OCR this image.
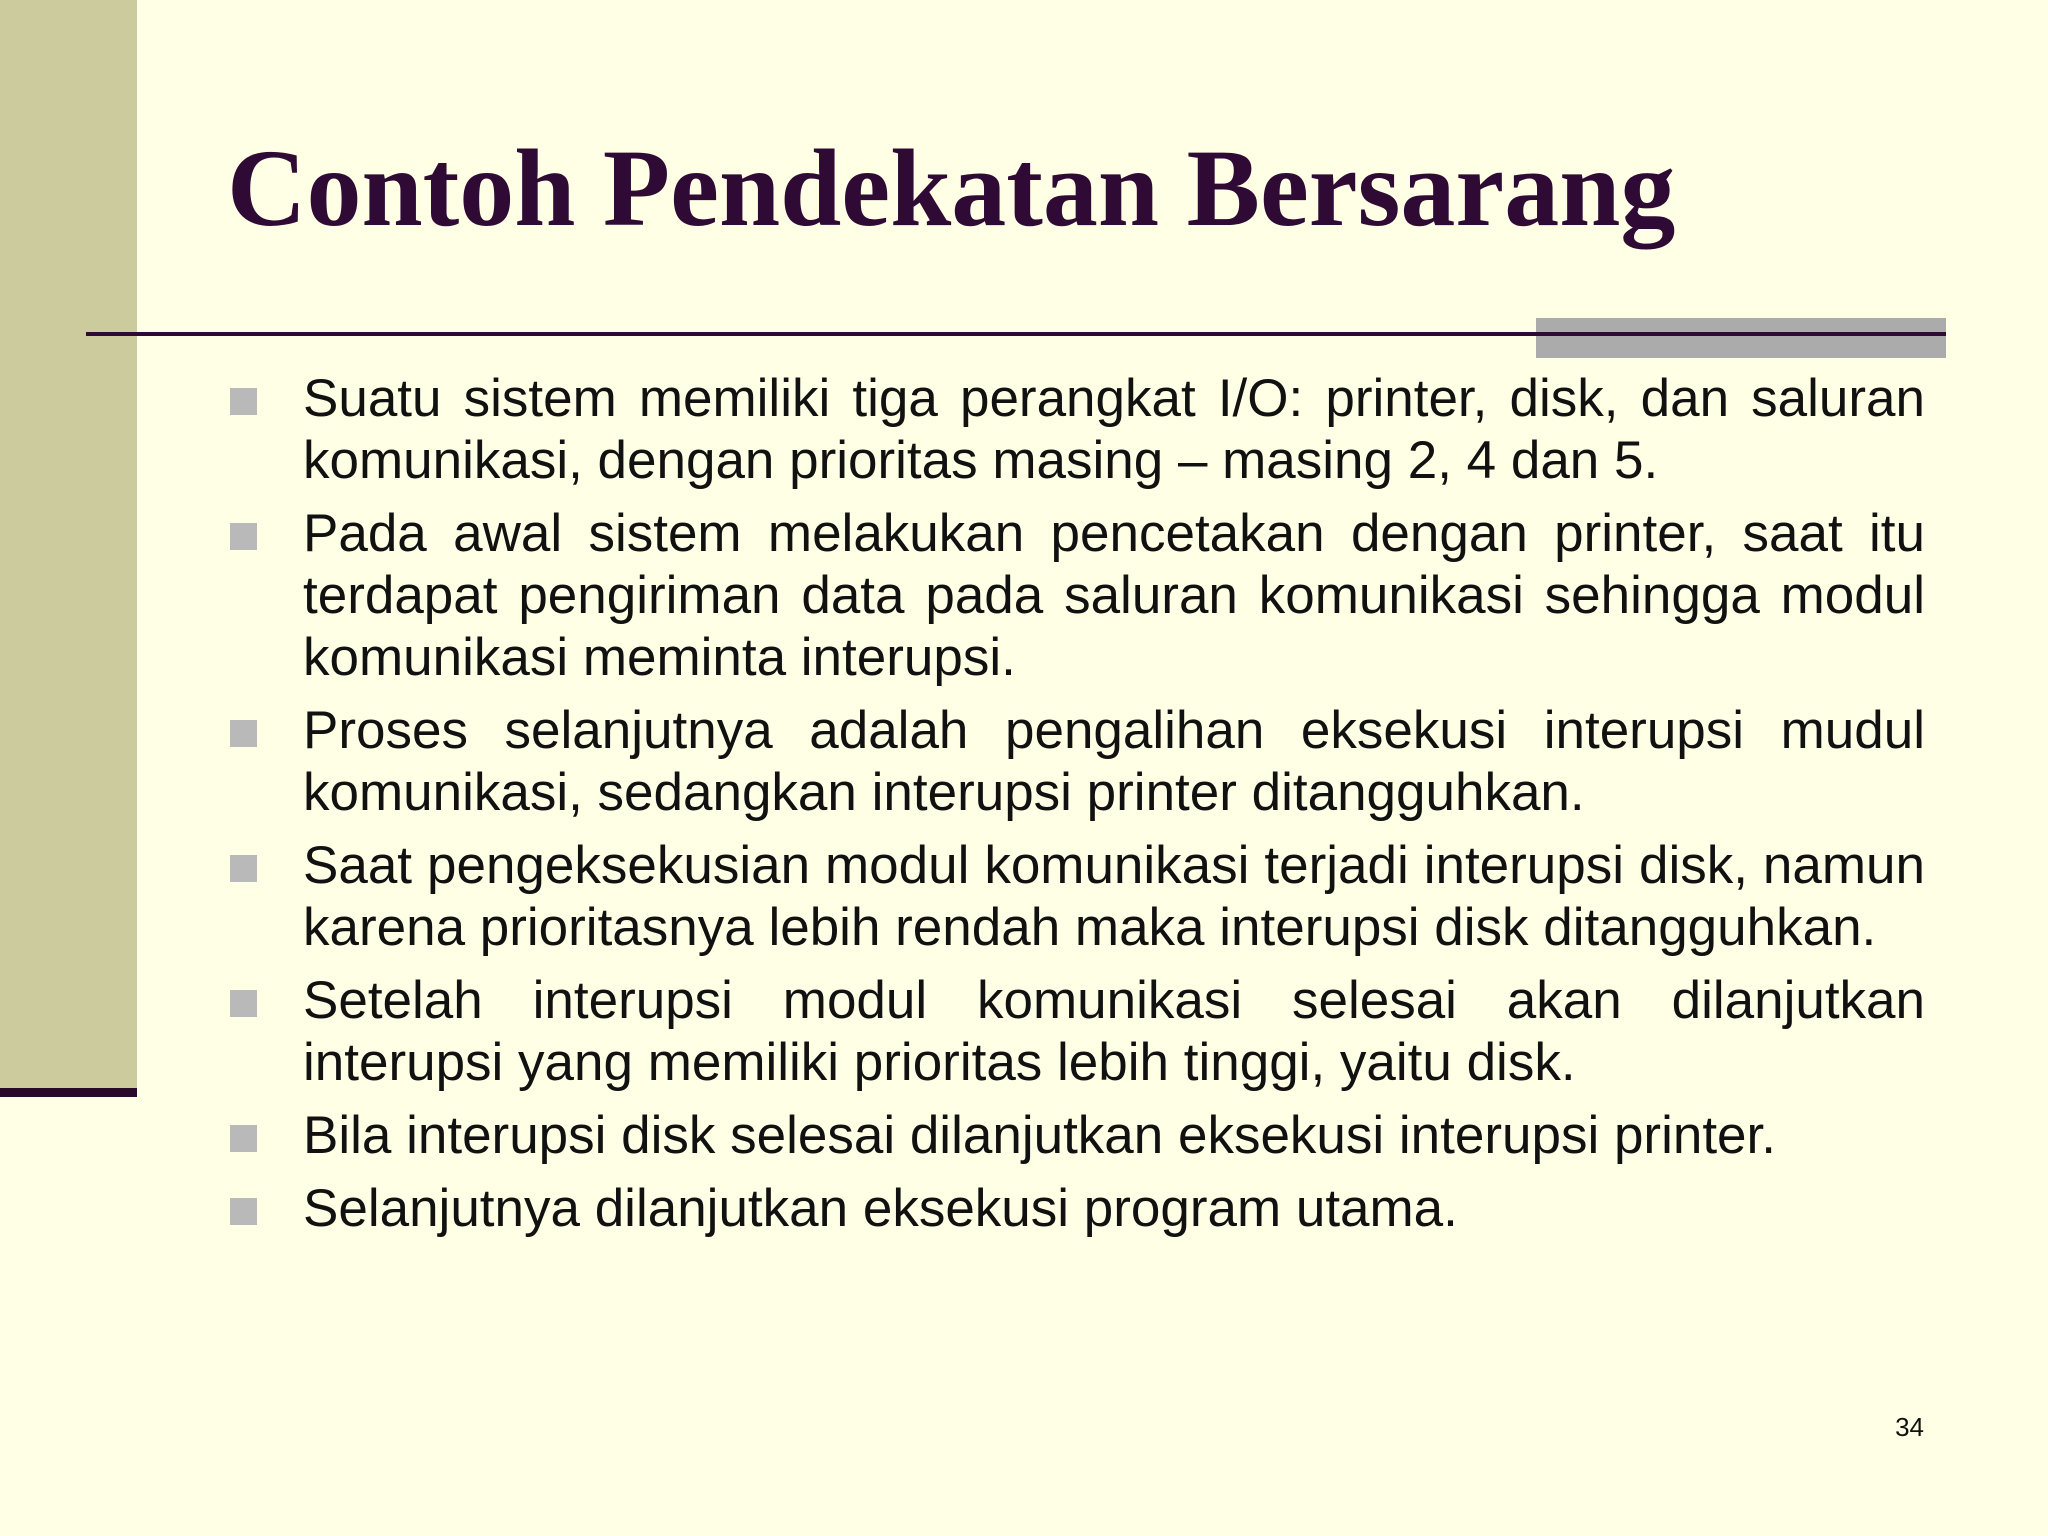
Contoh Pendekatan Bersarang
Suatu sistem memiliki tiga perangkat I/O: printer, disk, dan saluran komunikasi, dengan prioritas masing – masing 2, 4 dan 5.
Pada awal sistem melakukan pencetakan dengan printer, saat itu terdapat pengiriman data pada saluran komunikasi sehingga modul komunikasi meminta interupsi.
Proses selanjutnya adalah pengalihan eksekusi interupsi mudul komunikasi, sedangkan interupsi printer ditangguhkan.
Saat pengeksekusian modul komunikasi terjadi interupsi disk, namun karena prioritasnya lebih rendah maka interupsi disk ditangguhkan.
Setelah interupsi modul komunikasi selesai akan dilanjutkan interupsi yang memiliki prioritas lebih tinggi, yaitu disk.
Bila interupsi disk selesai dilanjutkan eksekusi interupsi printer.
Selanjutnya dilanjutkan eksekusi program utama.
34
